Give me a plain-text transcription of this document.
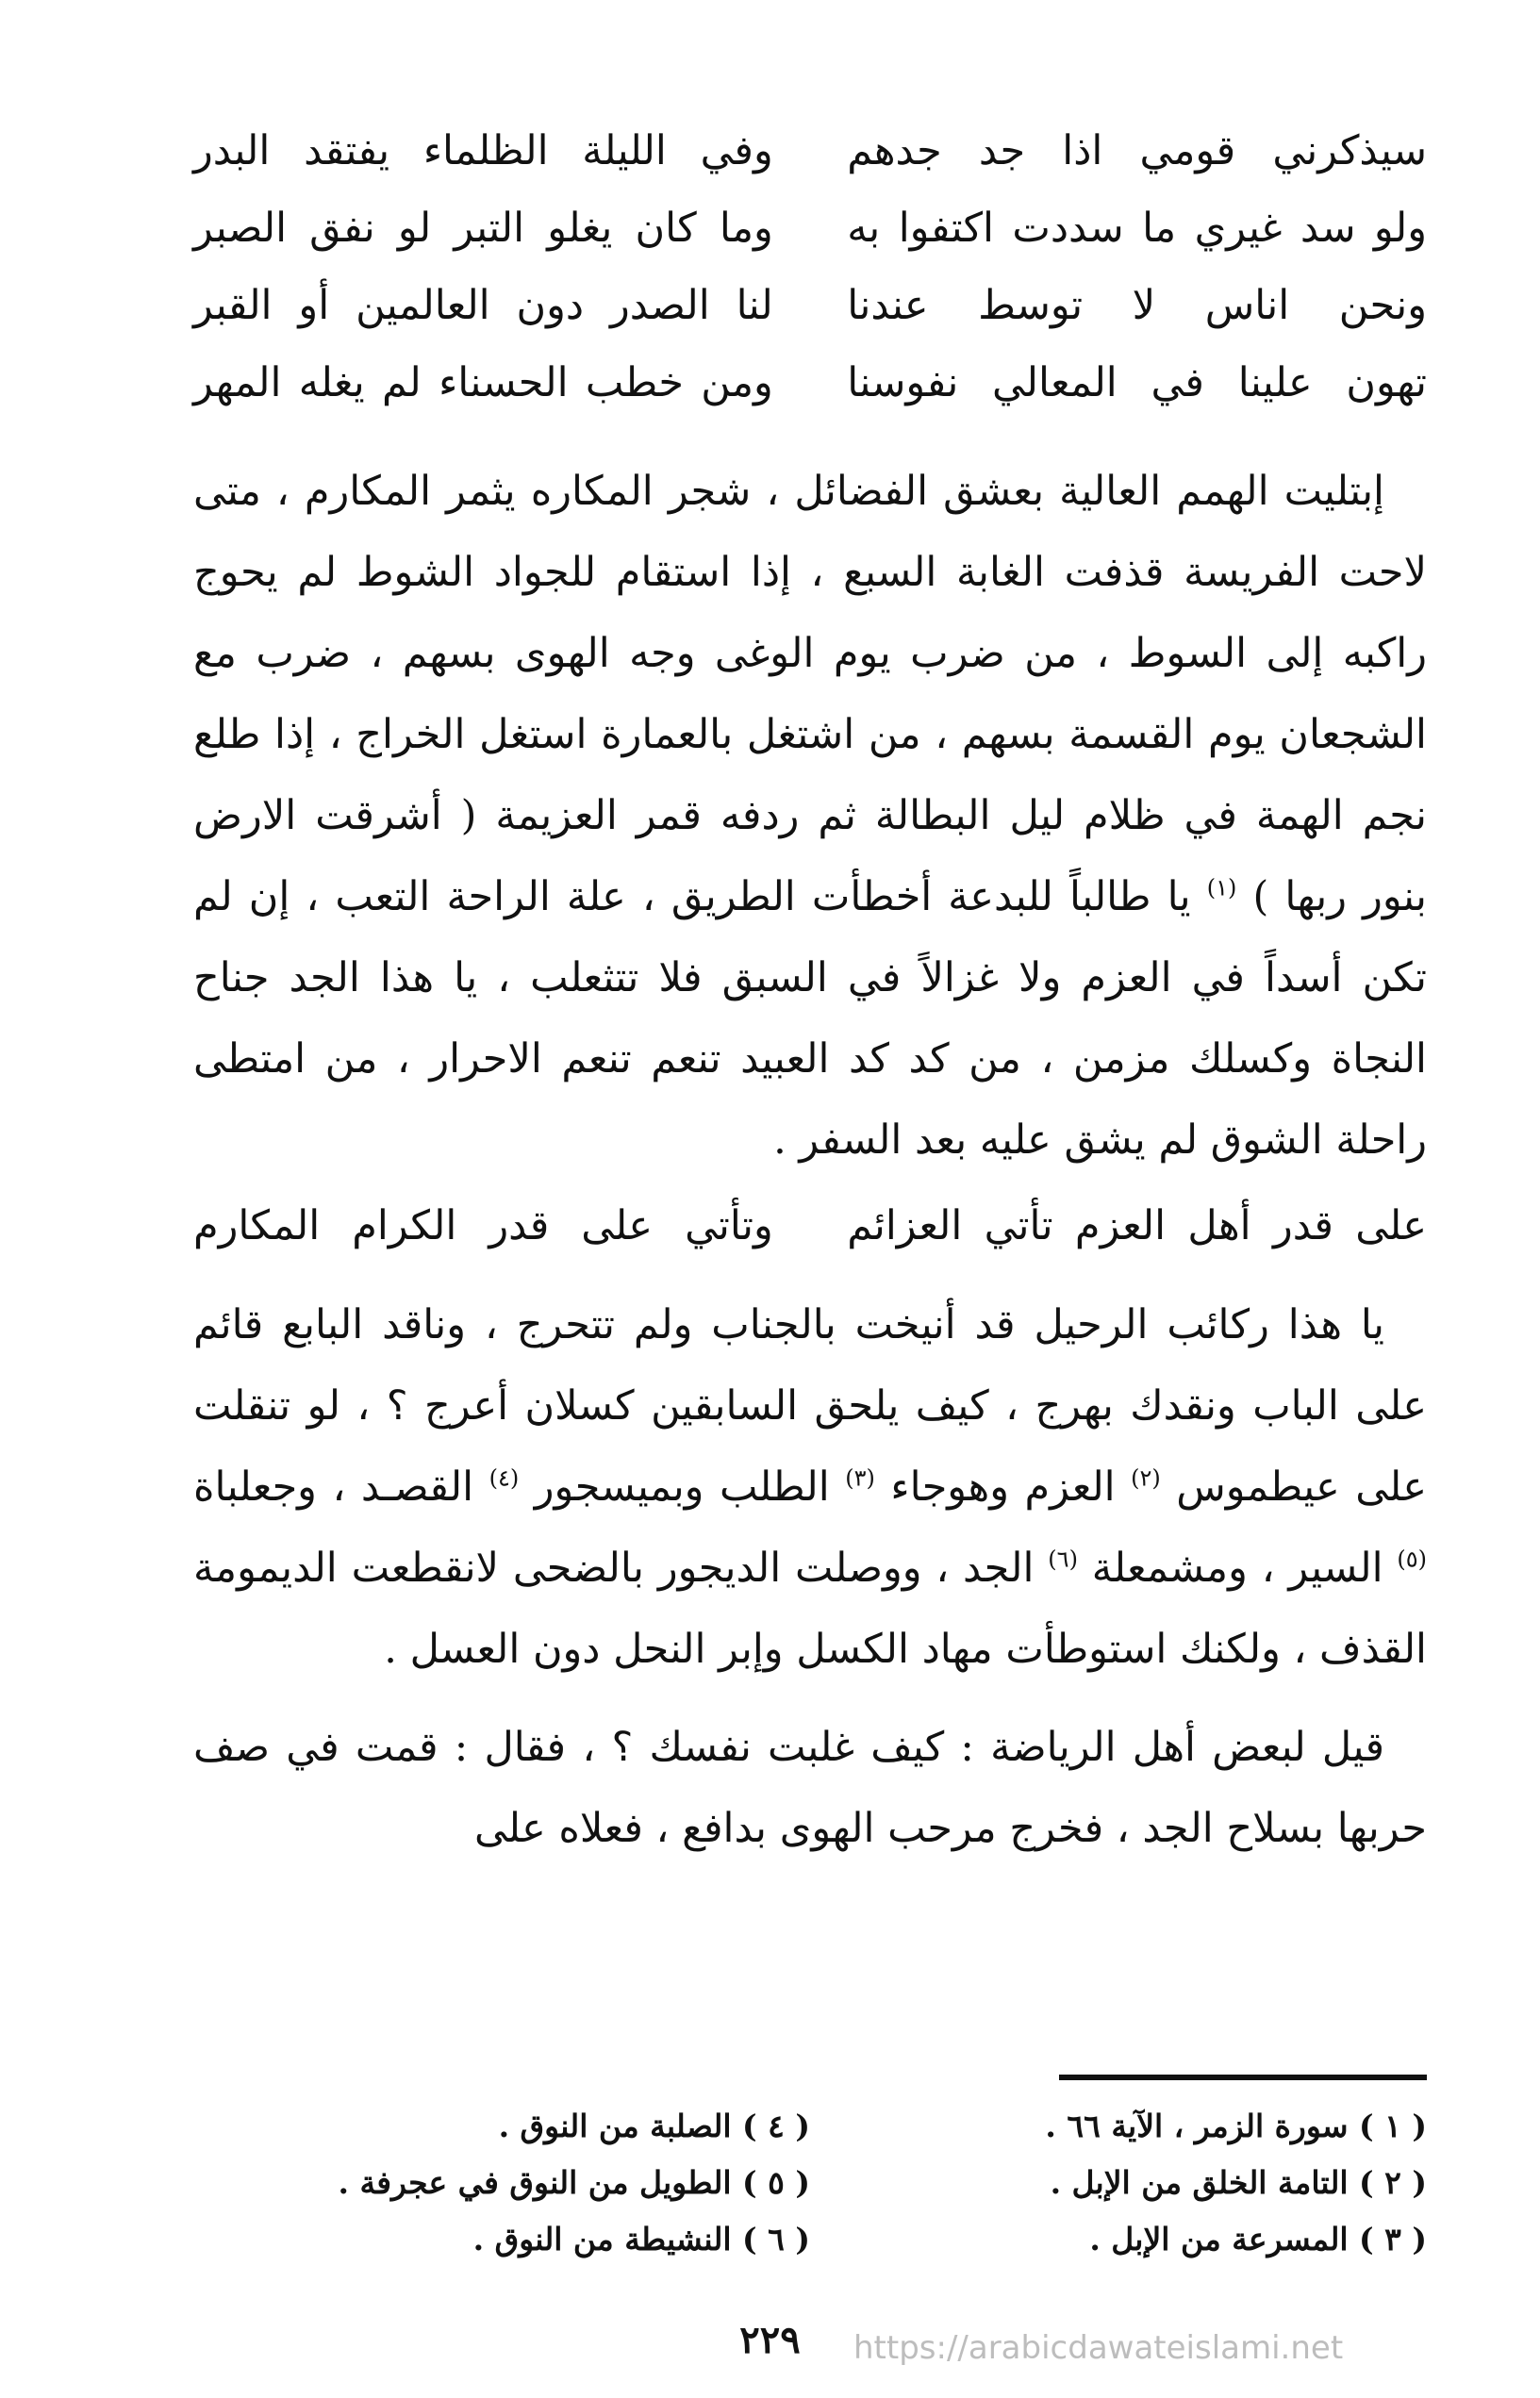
سيذكرني قومي اذا جد جدهم
وفي الليلة الظلماء يفتقد البدر
ولو سد غيري ما سددت اكتفوا به
وما كان يغلو التبر لو نفق الصبر
ونحن اناس لا توسط عندنا
لنا الصدر دون العالمين أو القبر
تهون علينا في المعالي نفوسنا
ومن خطب الحسناء لم يغله المهر

إبتليت الهمم العالية بعشق الفضائل ، شجر المكاره يثمر المكارم ، متى لاحت الفريسة قذفت الغابة السبع ، إذا استقام للجواد الشوط لم يحوج راكبه إلى السوط ، من ضرب يوم الوغى وجه الهوى بسهم ، ضرب مع الشجعان يوم القسمة بسهم ، من اشتغل بالعمارة استغل الخراج ، إذا طلع نجم الهمة في ظلام ليل البطالة ثم ردفه قمر العزيمة ( أشرقت الارض بنور ربها ) $^{(١)}$ يا طالباً للبدعة أخطأت الطريق ، علة الراحة التعب ، إن لم تكن أسداً في العزم ولا غزالاً في السبق فلا تتثعلب ، يا هذا الجد جناح النجاة وكسلك مزمن ، من كد كد العبيد تنعم تنعم الاحرار ، من امتطى راحلة الشوق لم يشق عليه بعد السفر .

على قدر أهل العزم تأتي العزائم
وتأتي على قدر الكرام المكارم

يا هذا ركائب الرحيل قد أنيخت بالجناب ولم تتحرج ، وناقد البابع قائم على الباب ونقدك بهرج ، كيف يلحق السابقين كسلان أعرج ؟ ، لو تنقلت على عيطموس $^{(٢)}$ العزم وهوجاء $^{(٣)}$ الطلب وبميسجور $^{(٤)}$ القصـد ، وجعلباة $^{(٥)}$ السير ، ومشمعلة $^{(٦)}$ الجد ، ووصلت الديجور بالضحى لانقطعت الديمومة القذف ، ولكنك استوطأت مهاد الكسل وإبر النحل دون العسل .

قيل لبعض أهل الرياضة : كيف غلبت نفسك ؟ ، فقال : قمت في صف حربها بسلاح الجد ، فخرج مرحب الهوى بدافع ، فعلاه على

( ١ ) سورة الزمر ، الآية ٦٦ .
( ٢ ) التامة الخلق من الإبل .
( ٣ ) المسرعة من الإبل .
( ٤ ) الصلبة من النوق .
( ٥ ) الطويل من النوق في عجرفة .
( ٦ ) النشيطة من النوق .
٢٢٩	https://arabicdawateislami.net
